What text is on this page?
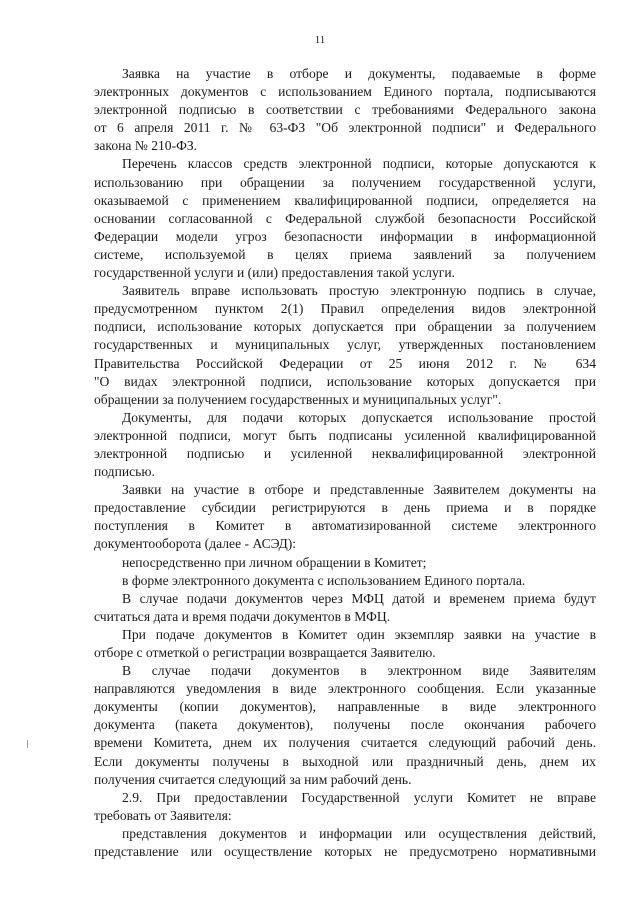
11
Заявка на участие в отборе и документы, подаваемые в форме
электронных документов с использованием Единого портала, подписываются
электронной подписью в соответствии с требованиями Федерального закона
от 6 апреля 2011 г. № 63-ФЗ "Об электронной подписи" и Федерального
закона № 210-ФЗ.
Перечень классов средств электронной подписи, которые допускаются к
использованию при обращении за получением государственной услуги,
оказываемой с применением квалифицированной подписи, определяется на
основании согласованной с Федеральной службой безопасности Российской
Федерации модели угроз безопасности информации в информационной
системе, используемой в целях приема заявлений за получением
государственной услуги и (или) предоставления такой услуги.
Заявитель вправе использовать простую электронную подпись в случае,
предусмотренном пунктом 2(1) Правил определения видов электронной
подписи, использование которых допускается при обращении за получением
государственных и муниципальных услуг, утвержденных постановлением
Правительства Российской Федерации от 25 июня 2012 г. № 634
"О видах электронной подписи, использование которых допускается при
обращении за получением государственных и муниципальных услуг".
Документы, для подачи которых допускается использование простой
электронной подписи, могут быть подписаны усиленной квалифицированной
электронной подписью и усиленной неквалифицированной электронной
подписью.
Заявки на участие в отборе и представленные Заявителем документы на
предоставление субсидии регистрируются в день приема и в порядке
поступления в Комитет в автоматизированной системе электронного
документооборота (далее - АСЭД):
непосредственно при личном обращении в Комитет;
в форме электронного документа с использованием Единого портала.
В случае подачи документов через МФЦ датой и временем приема будут
считаться дата и время подачи документов в МФЦ.
При подаче документов в Комитет один экземпляр заявки на участие в
отборе с отметкой о регистрации возвращается Заявителю.
В случае подачи документов в электронном виде Заявителям
направляются уведомления в виде электронного сообщения. Если указанные
документы (копии документов), направленные в виде электронного
документа (пакета документов), получены после окончания рабочего
времени Комитета, днем их получения считается следующий рабочий день.
Если документы получены в выходной или праздничный день, днем их
получения считается следующий за ним рабочий день.
2.9. При предоставлении Государственной услуги Комитет не вправе
требовать от Заявителя:
представления документов и информации или осуществления действий,
представление или осуществление которых не предусмотрено нормативными
